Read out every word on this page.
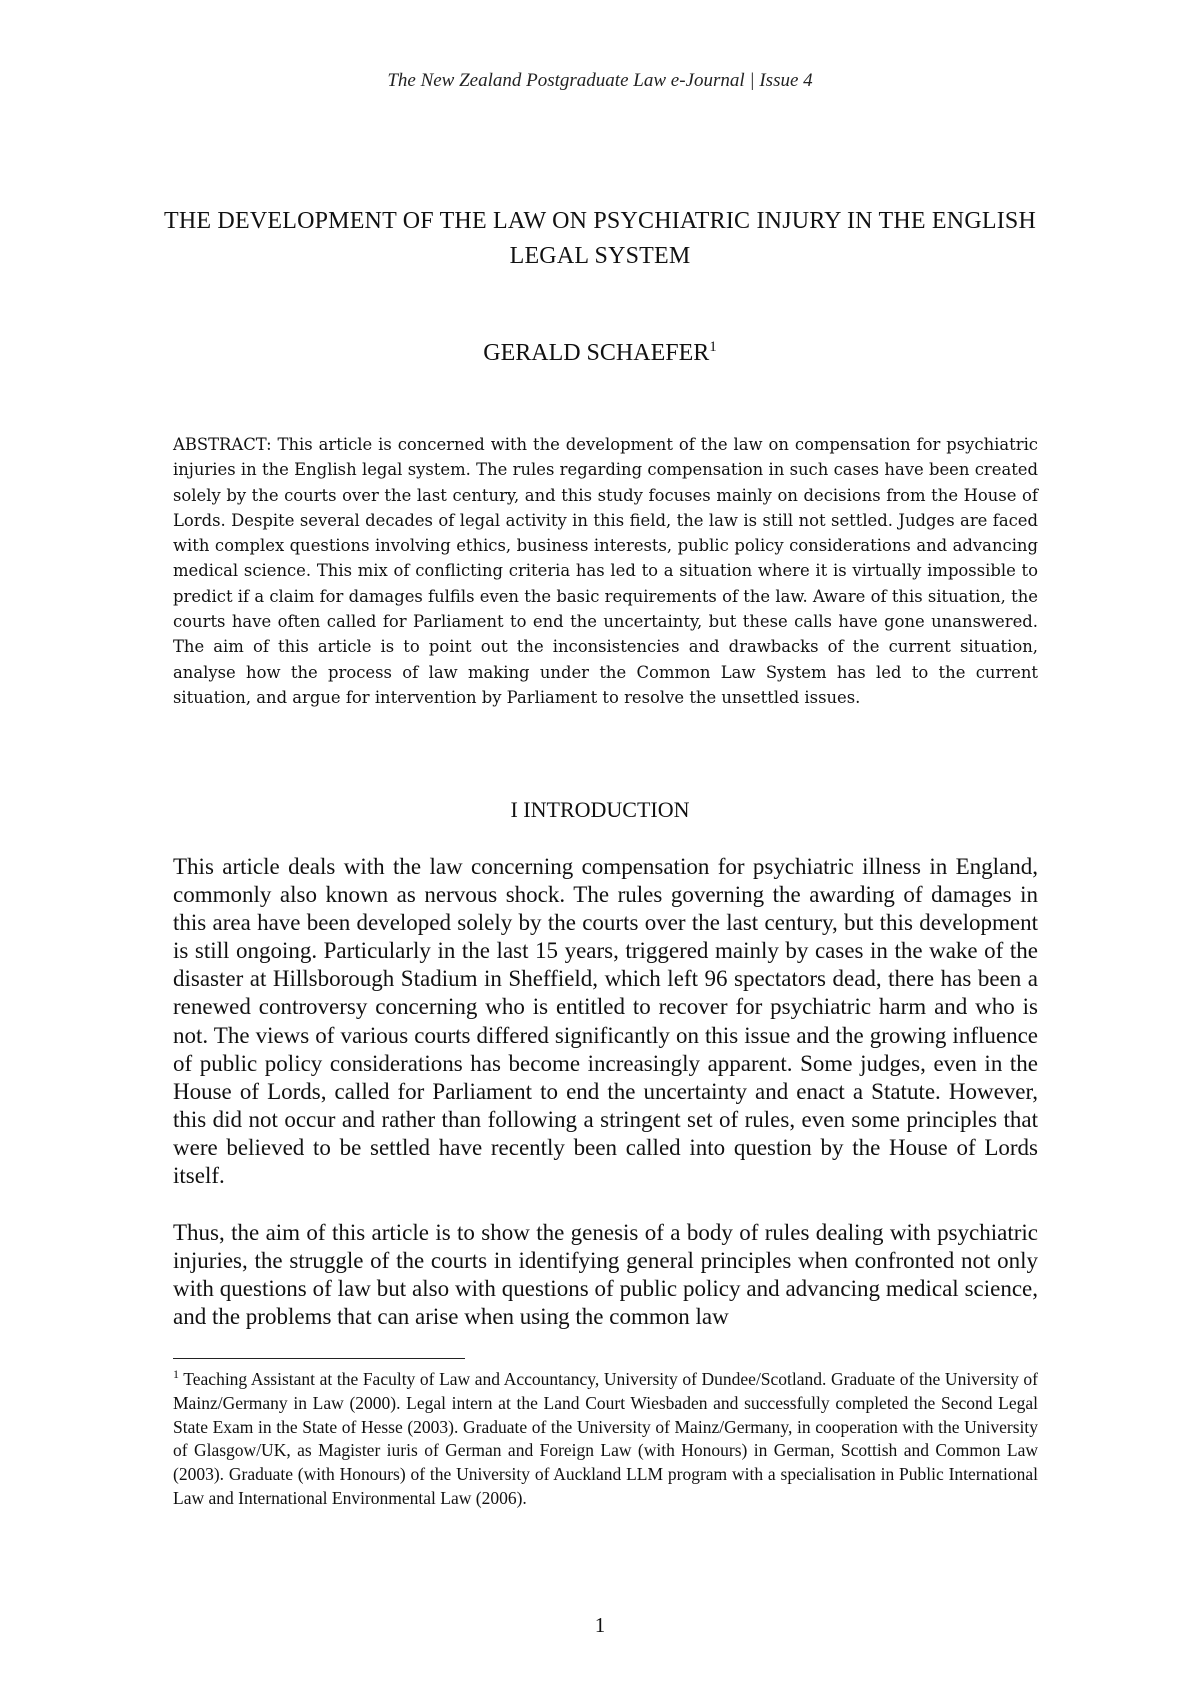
The New Zealand Postgraduate Law e-Journal | Issue 4
THE DEVELOPMENT OF THE LAW ON PSYCHIATRIC INJURY IN THE ENGLISH LEGAL SYSTEM
GERALD SCHAEFER$^1$

ABSTRACT: This article is concerned with the development of the law on compensation for psychiatric injuries in the English legal system. The rules regarding compensation in such cases have been created solely by the courts over the last century, and this study focuses mainly on decisions from the House of Lords. Despite several decades of legal activity in this field, the law is still not settled. Judges are faced with complex questions involving ethics, business interests, public policy considerations and advancing medical science. This mix of conflicting criteria has led to a situation where it is virtually impossible to predict if a claim for damages fulfils even the basic requirements of the law. Aware of this situation, the courts have often called for Parliament to end the uncertainty, but these calls have gone unanswered. The aim of this article is to point out the inconsistencies and drawbacks of the current situation, analyse how the process of law making under the Common Law System has led to the current situation, and argue for intervention by Parliament to resolve the unsettled issues.

I INTRODUCTION

This article deals with the law concerning compensation for psychiatric illness in England, commonly also known as nervous shock. The rules governing the awarding of damages in this area have been developed solely by the courts over the last century, but this development is still ongoing. Particularly in the last 15 years, triggered mainly by cases in the wake of the disaster at Hillsborough Stadium in Sheffield, which left 96 spectators dead, there has been a renewed controversy concerning who is entitled to recover for psychiatric harm and who is not. The views of various courts differed significantly on this issue and the growing influence of public policy considerations has become increasingly apparent. Some judges, even in the House of Lords, called for Parliament to end the uncertainty and enact a Statute. However, this did not occur and rather than following a stringent set of rules, even some principles that were believed to be settled have recently been called into question by the House of Lords itself.

Thus, the aim of this article is to show the genesis of a body of rules dealing with psychiatric injuries, the struggle of the courts in identifying general principles when confronted not only with questions of law but also with questions of public policy and advancing medical science, and the problems that can arise when using the common law

$^1$ Teaching Assistant at the Faculty of Law and Accountancy, University of Dundee/Scotland. Graduate of the University of Mainz/Germany in Law (2000). Legal intern at the Land Court Wiesbaden and successfully completed the Second Legal State Exam in the State of Hesse (2003). Graduate of the University of Mainz/Germany, in cooperation with the University of Glasgow/UK, as Magister iuris of German and Foreign Law (with Honours) in German, Scottish and Common Law (2003). Graduate (with Honours) of the University of Auckland LLM program with a specialisation in Public International Law and International Environmental Law (2006).

1
